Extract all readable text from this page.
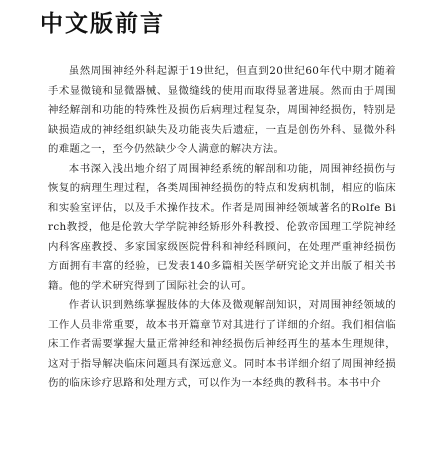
中文版前言

虽然周围神经外科起源于19世纪，但直到20世纪60年代中期才随着手术显微镜和显微器械、显微缝线的使用而取得显著进展。然而由于周围神经解剖和功能的特殊性及损伤后病理过程复杂，周围神经损伤，特别是缺损造成的神经组织缺失及功能丧失后遗症，一直是创伤外科、显微外科的难题之一，至今仍然缺少令人满意的解决方法。

本书深入浅出地介绍了周围神经系统的解剖和功能，周围神经损伤与恢复的病理生理过程，各类周围神经损伤的特点和发病机制，相应的临床和实验室评估，以及手术操作技术。作者是周围神经领域著名的Rolfe Birch教授，他是伦敦大学学院神经矫形外科教授、伦敦帝国理工学院神经内科客座教授、多家国家级医院骨科和神经科顾问，在处理严重神经损伤方面拥有丰富的经验，已发表140多篇相关医学研究论文并出版了相关书籍。他的学术研究得到了国际社会的认可。

作者认识到熟练掌握肢体的大体及微观解剖知识，对周围神经领域的工作人员非常重要，故本书开篇章节对其进行了详细的介绍。我们相信临床工作者需要掌握大量正常神经和神经损伤后神经再生的基本生理规律，这对于指导解决临床问题具有深远意义。同时本书详细介绍了周围神经损伤的临床诊疗思路和处理方式，可以作为一本经典的教科书。本书中介
